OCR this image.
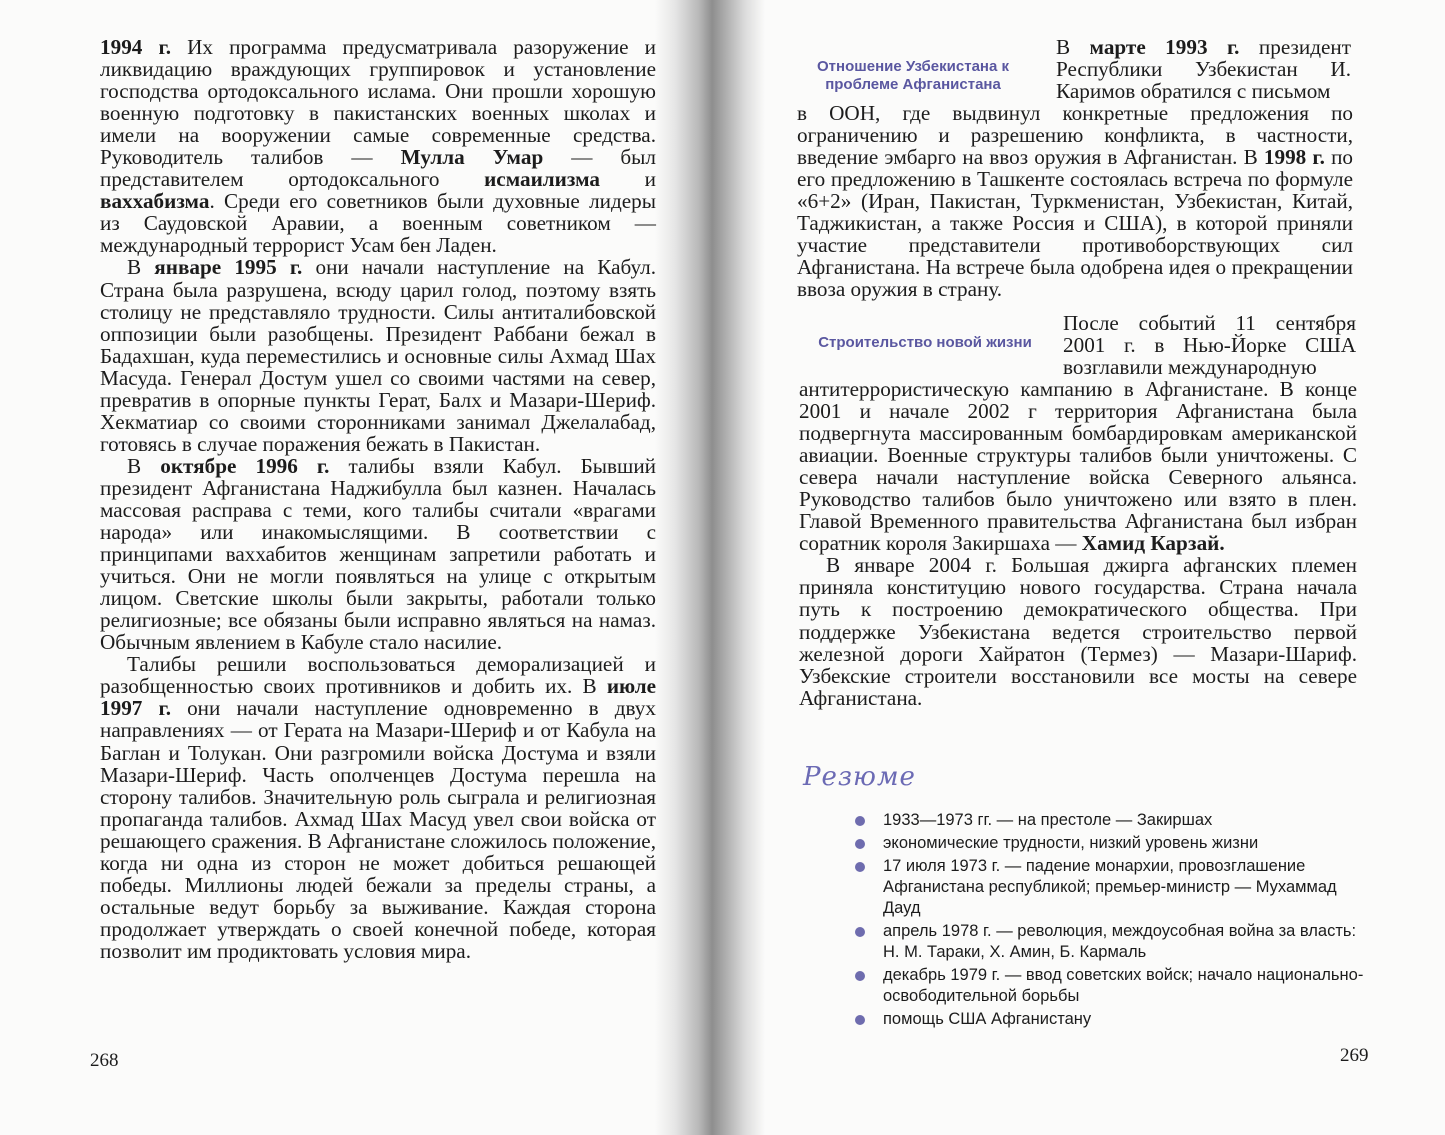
1994 г. Их программа предусматривала разоружение и ликвидацию враждующих группировок и установление господства ортодоксального ислама. Они прошли хорошую военную подготовку в пакистанских военных школах и имели на вооружении самые современные средства. Руководитель талибов — Мулла Умар — был представителем ортодоксального исмаилизма и ваххабизма. Среди его советников были духовные лидеры из Саудовской Аравии, а военным советником — международный террорист Усам бен Ладен.

В январе 1995 г. они начали наступление на Кабул. Страна была разрушена, всюду царил голод, поэтому взять столицу не представляло трудности. Силы антиталибовской оппозиции были разобщены. Президент Раббани бежал в Бадахшан, куда переместились и основные силы Ахмад Шах Масуда. Генерал Достум ушел со своими частями на север, превратив в опорные пункты Герат, Балх и Мазари-Шериф. Хекматиар со своими сторонниками занимал Джелалабад, готовясь в случае поражения бежать в Пакистан.

В октябре 1996 г. талибы взяли Кабул. Бывший президент Афганистана Наджибулла был казнен. Началась массовая расправа с теми, кого талибы считали «врагами народа» или инакомыслящими. В соответствии с принципами ваххабитов женщинам запретили работать и учиться. Они не могли появляться на улице с открытым лицом. Светские школы были закрыты, работали только религиозные; все обязаны были исправно являться на намаз. Обычным явлением в Кабуле стало насилие.

Талибы решили воспользоваться деморализацией и разобщенностью своих противников и добить их. В июле 1997 г. они начали наступление одновременно в двух направлениях — от Герата на Мазари-Шериф и от Кабула на Баглан и Толукан. Они разгромили войска Достума и взяли Мазари-Шериф. Часть ополченцев Достума перешла на сторону талибов. Значительную роль сыграла и религиозная пропаганда талибов. Ахмад Шах Масуд увел свои войска от решающего сражения. В Афганистане сложилось положение, когда ни одна из сторон не может добиться решающей победы. Миллионы людей бежали за пределы страны, а остальные ведут борьбу за выживание. Каждая сторона продолжает утверждать о своей конечной победе, которая позволит им продиктовать условия мира.

268
Отношение Узбекистана к проблеме Афганистана
В марте 1993 г. президент Республики Узбекистан И. Каримов обратился с письмом
в ООН, где выдвинул конкретные предложения по ограничению и разрешению конфликта, в частности, введение эмбарго на ввоз оружия в Афганистан. В 1998 г. по его предложению в Ташкенте состоялась встреча по формуле «6+2» (Иран, Пакистан, Туркменистан, Узбекистан, Китай, Таджикистан, а также Россия и США), в которой приняли участие представители противоборствующих сил Афганистана. На встрече была одобрена идея о прекращении ввоза оружия в страну.
Строительство новой жизни
После событий 11 сентября 2001 г. в Нью-Йорке США возглавили международную
антитеррористическую кампанию в Афганистане. В конце 2001 и начале 2002 г территория Афганистана была подвергнута массированным бомбардировкам американской авиации. Военные структуры талибов были уничтожены. С севера начали наступление войска Северного альянса. Руководство талибов было уничтожено или взято в плен. Главой Временного правительства Афганистана был избран соратник короля Закиршаха — Хамид Карзай.
В январе 2004 г. Большая джирга афганских племен приняла конституцию нового государства. Страна начала путь к построению демократического общества. При поддержке Узбекистана ведется строительство первой железной дороги Хайратон (Термез) — Мазари-Шариф. Узбекские строители восстановили все мосты на севере Афганистана.
Резюме
1933—1973 гг. — на престоле — Закиршах
экономические трудности, низкий уровень жизни
17 июля 1973 г. — падение монархии, провозглашение Афганистана республикой; премьер-министр — Мухаммад Дауд
апрель 1978 г. — революция, междоусобная война за власть: Н. М. Тараки, Х. Амин, Б. Кармаль
декабрь 1979 г. — ввод советских войск; начало национально-освободительной борьбы
помощь США Афганистану
269
